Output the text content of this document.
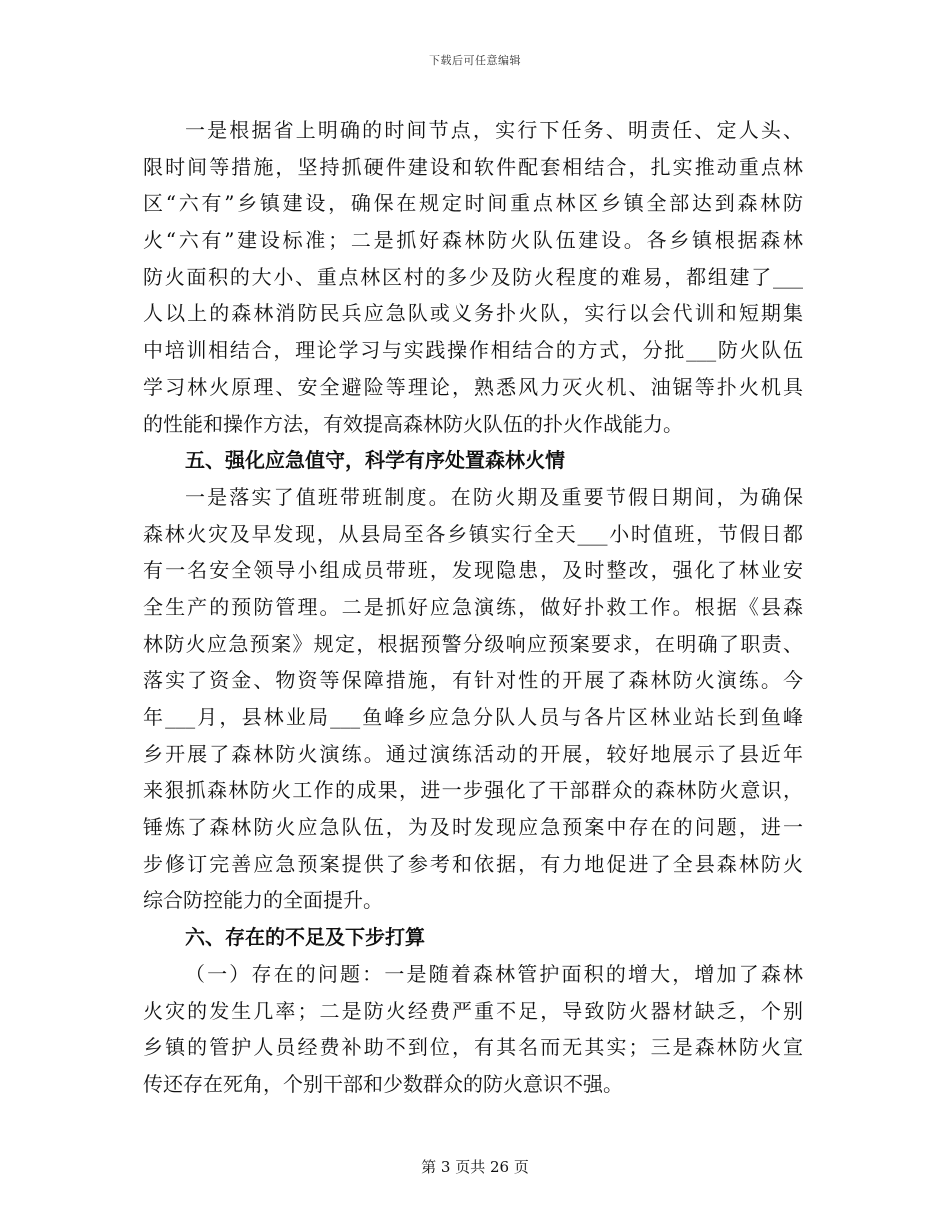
下载后可任意编辑
一是根据省上明确的时间节点，实行下任务、明责任、定人头、
限时间等措施，坚持抓硬件建设和软件配套相结合，扎实推动重点林
区“六有”乡镇建设，确保在规定时间重点林区乡镇全部达到森林防
火“六有”建设标准；二是抓好森林防火队伍建设。各乡镇根据森林
防火面积的大小、重点林区村的多少及防火程度的难易，都组建了___
人以上的森林消防民兵应急队或义务扑火队，实行以会代训和短期集
中培训相结合，理论学习与实践操作相结合的方式，分批___防火队伍
学习林火原理、安全避险等理论，熟悉风力灭火机、油锯等扑火机具
的性能和操作方法，有效提高森林防火队伍的扑火作战能力。
五、强化应急值守，科学有序处置森林火情
一是落实了值班带班制度。在防火期及重要节假日期间，为确保
森林火灾及早发现，从县局至各乡镇实行全天___小时值班，节假日都
有一名安全领导小组成员带班，发现隐患，及时整改，强化了林业安
全生产的预防管理。二是抓好应急演练，做好扑救工作。根据《县森
林防火应急预案》规定，根据预警分级响应预案要求，在明确了职责、
落实了资金、物资等保障措施，有针对性的开展了森林防火演练。今
年___月，县林业局___鱼峰乡应急分队人员与各片区林业站长到鱼峰
乡开展了森林防火演练。通过演练活动的开展，较好地展示了县近年
来狠抓森林防火工作的成果，进一步强化了干部群众的森林防火意识，
锤炼了森林防火应急队伍，为及时发现应急预案中存在的问题，进一
步修订完善应急预案提供了参考和依据，有力地促进了全县森林防火
综合防控能力的全面提升。
六、存在的不足及下步打算
（一）存在的问题：一是随着森林管护面积的增大，增加了森林
火灾的发生几率；二是防火经费严重不足，导致防火器材缺乏，个别
乡镇的管护人员经费补助不到位，有其名而无其实；三是森林防火宣
传还存在死角，个别干部和少数群众的防火意识不强。
第 3 页共 26 页
